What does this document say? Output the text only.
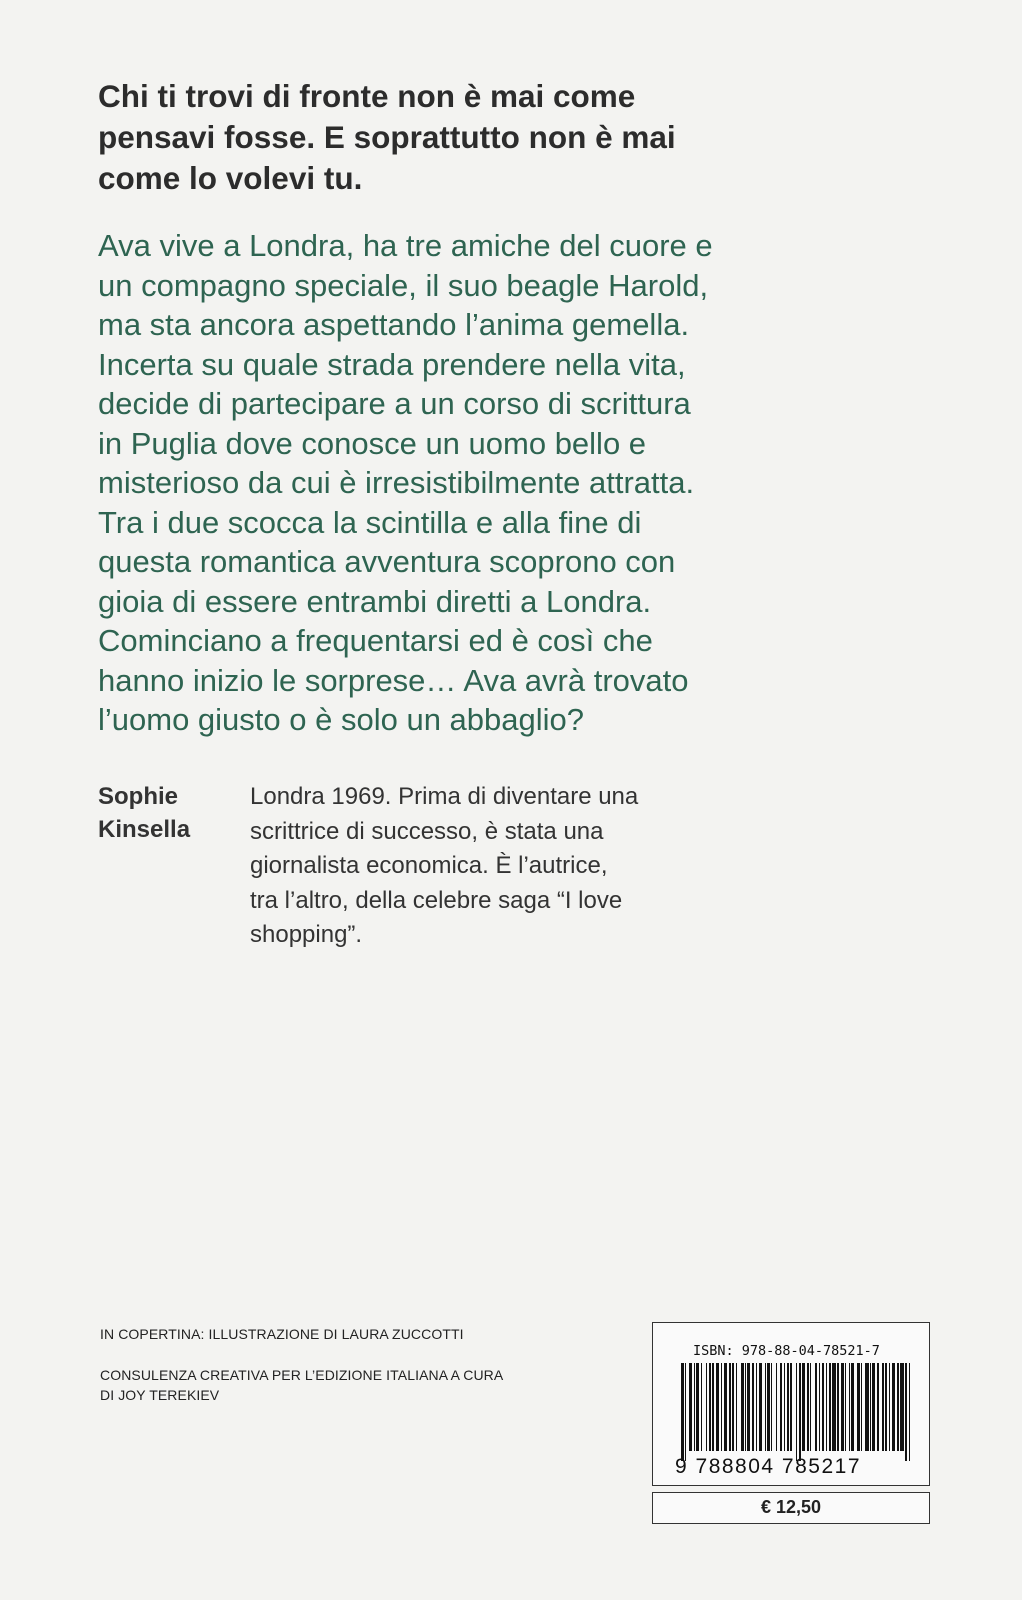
Chi ti trovi di fronte non è mai come
pensavi fosse. E soprattutto non è mai
come lo volevi tu.
Ava vive a Londra, ha tre amiche del cuore e
un compagno speciale, il suo beagle Harold,
ma sta ancora aspettando l’anima gemella.
Incerta su quale strada prendere nella vita,
decide di partecipare a un corso di scrittura
in Puglia dove conosce un uomo bello e
misterioso da cui è irresistibilmente attratta.
Tra i due scocca la scintilla e alla fine di
questa romantica avventura scoprono con
gioia di essere entrambi diretti a Londra.
Cominciano a frequentarsi ed è così che
hanno inizio le sorprese… Ava avrà trovato
l’uomo giusto o è solo un abbaglio?
Sophie
Kinsella
Londra 1969. Prima di diventare una
scrittrice di successo, è stata una
giornalista economica. È l’autrice,
tra l’altro, della celebre saga “I love
shopping”.
IN COPERTINA: ILLUSTRAZIONE DI LAURA ZUCCOTTI
CONSULENZA CREATIVA PER L’EDIZIONE ITALIANA A CURA
DI JOY TEREKIEV
ISBN: 978-88-04-78521-7
9 788804 785217
€ 12,50
